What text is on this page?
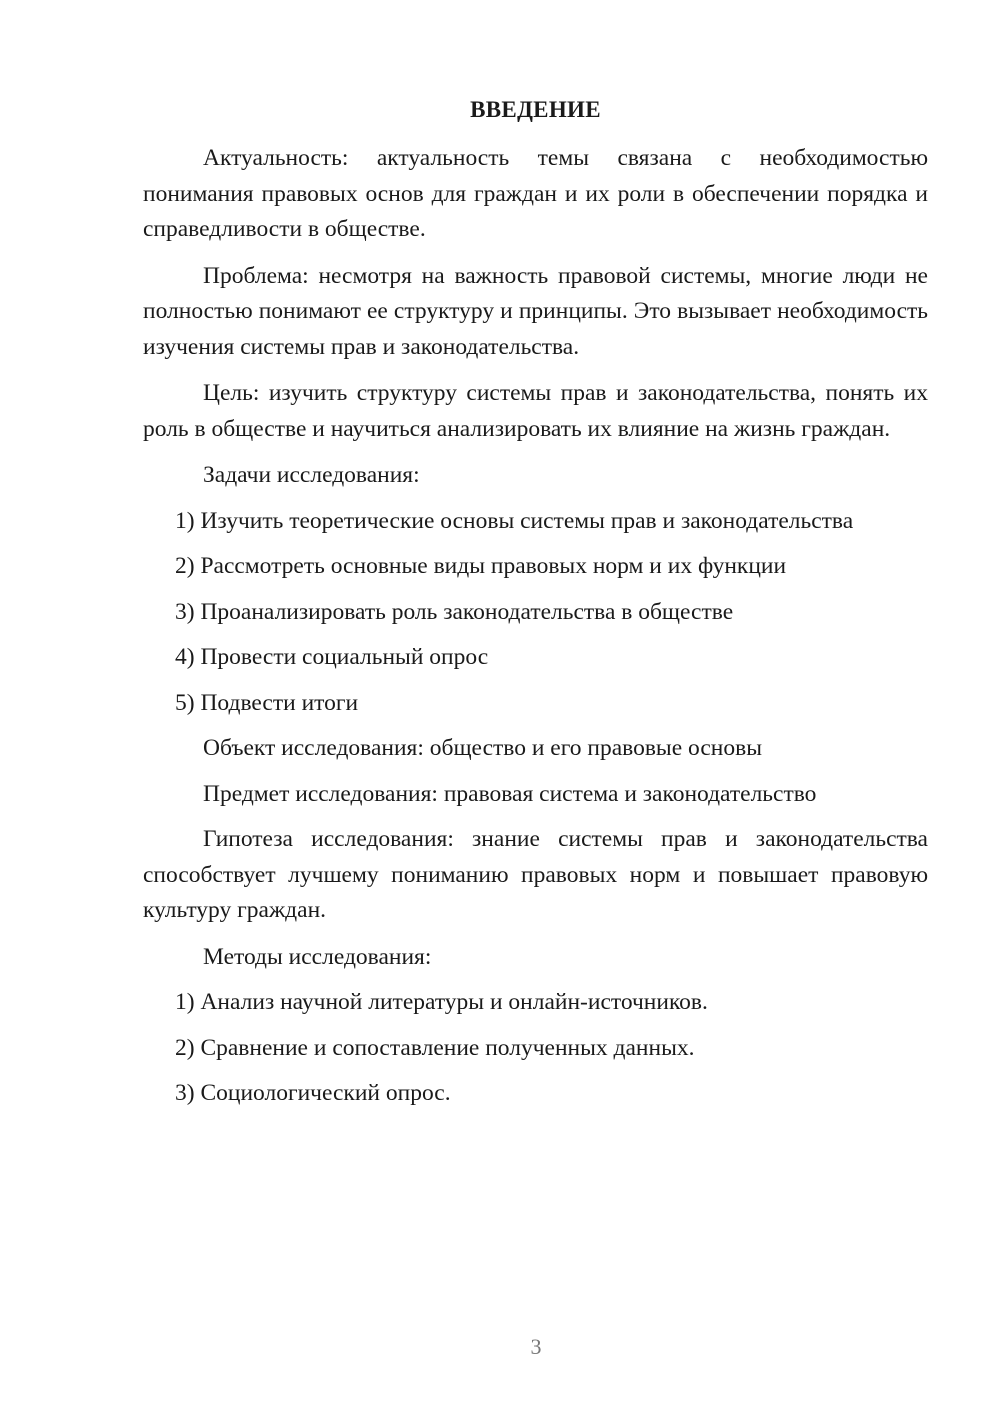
ВВЕДЕНИЕ

Актуальность: актуальность темы связана с необходимостью понимания правовых основ для граждан и их роли в обеспечении порядка и справедливости в обществе.

Проблема: несмотря на важность правовой системы, многие люди не полностью понимают ее структуру и принципы. Это вызывает необходимость изучения системы прав и законодательства.

Цель: изучить структуру системы прав и законодательства, понять их роль в обществе и научиться анализировать их влияние на жизнь граждан.

Задачи исследования:
1) Изучить теоретические основы системы прав и законодательства
2) Рассмотреть основные виды правовых норм и их функции
3) Проанализировать роль законодательства в обществе
4) Провести социальный опрос
5) Подвести итоги
Объект исследования: общество и его правовые основы
Предмет исследования: правовая система и законодательство

Гипотеза исследования: знание системы прав и законодательства способствует лучшему пониманию правовых норм и повышает правовую культуру граждан.

Методы исследования:
1) Анализ научной литературы и онлайн-источников.
2) Сравнение и сопоставление полученных данных.
3) Социологический опрос.
3
